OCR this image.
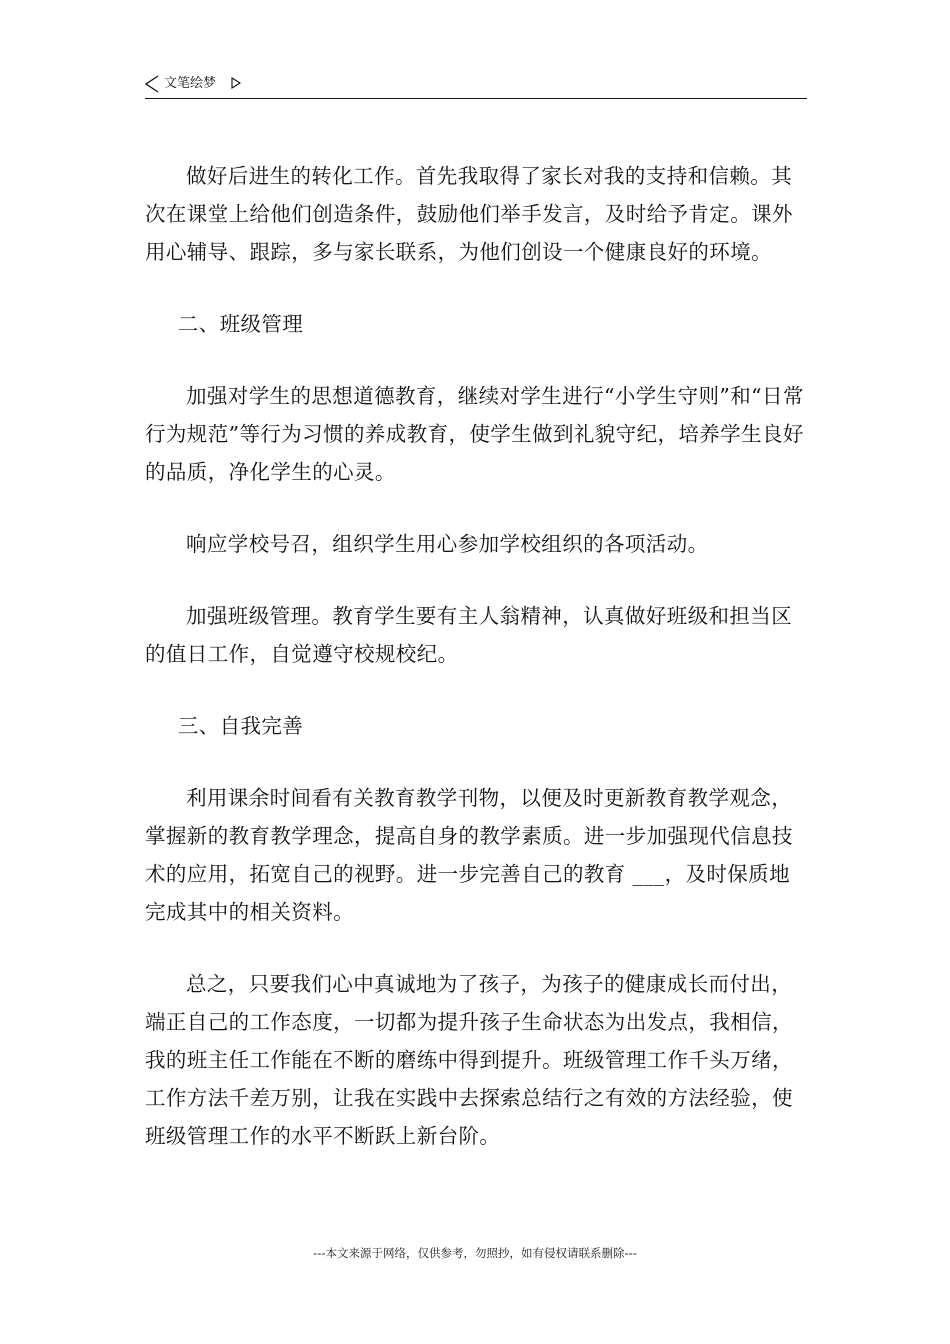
文笔绘梦

做好后进生的转化工作。首先我取得了家长对我的支持和信赖。其次在课堂上给他们创造条件，鼓励他们举手发言，及时给予肯定。课外用心辅导、跟踪，多与家长联系，为他们创设一个健康良好的环境。

二、班级管理

加强对学生的思想道德教育，继续对学生进行“小学生守则”和“日常行为规范”等行为习惯的养成教育，使学生做到礼貌守纪，培养学生良好的品质，净化学生的心灵。

响应学校号召，组织学生用心参加学校组织的各项活动。

加强班级管理。教育学生要有主人翁精神，认真做好班级和担当区的值日工作，自觉遵守校规校纪。

三、自我完善

利用课余时间看有关教育教学刊物，以便及时更新教育教学观念，掌握新的教育教学理念，提高自身的教学素质。进一步加强现代信息技术的应用，拓宽自己的视野。进一步完善自己的教育 ___，及时保质地完成其中的相关资料。

总之，只要我们心中真诚地为了孩子，为孩子的健康成长而付出，端正自己的工作态度，一切都为提升孩子生命状态为出发点，我相信，我的班主任工作能在不断的磨练中得到提升。班级管理工作千头万绪，工作方法千差万别，让我在实践中去探索总结行之有效的方法经验，使班级管理工作的水平不断跃上新台阶。

---本文来源于网络，仅供参考，勿照抄，如有侵权请联系删除---
